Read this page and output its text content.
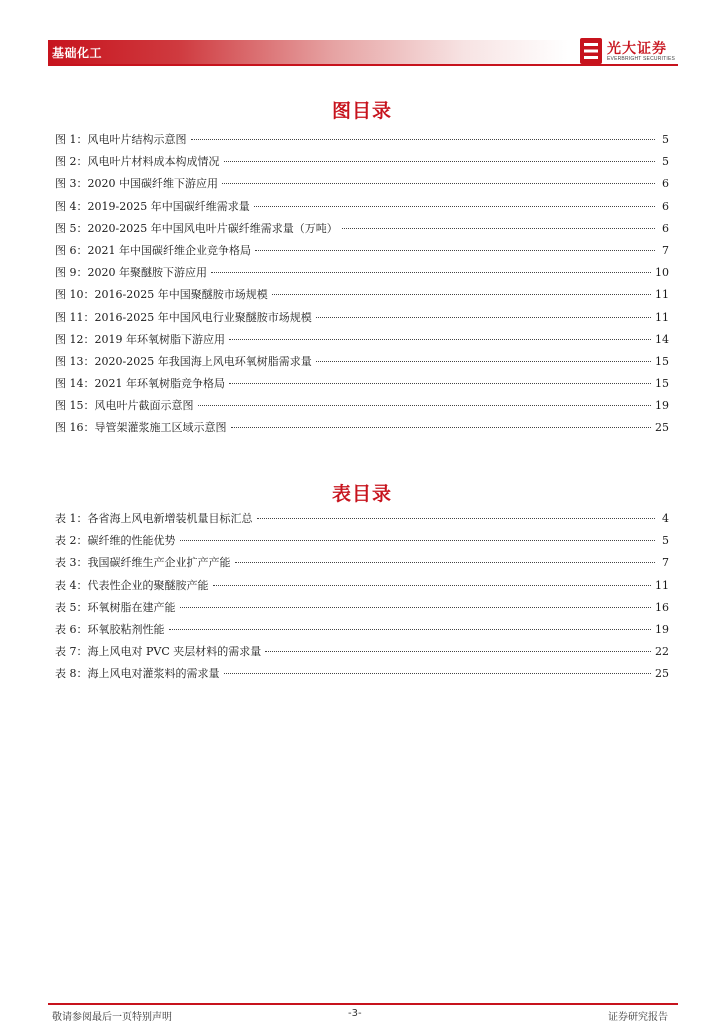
基础化工	光大证券
EVERBRIGHT SECURITIES
图目录
图 1：风电叶片结构示意图	5
图 2：风电叶片材料成本构成情况	5
图 3：2020 中国碳纤维下游应用	6
图 4：2019-2025 年中国碳纤维需求量	6
图 5：2020-2025 年中国风电叶片碳纤维需求量（万吨）	6
图 6：2021 年中国碳纤维企业竞争格局	7
图 9：2020 年聚醚胺下游应用	10
图 10：2016-2025 年中国聚醚胺市场规模	11
图 11：2016-2025 年中国风电行业聚醚胺市场规模	11
图 12：2019 年环氧树脂下游应用	14
图 13：2020-2025 年我国海上风电环氧树脂需求量	15
图 14：2021 年环氧树脂竞争格局	15
图 15：风电叶片截面示意图	19
图 16：导管架灌浆施工区域示意图	25
表目录
表 1：各省海上风电新增装机量目标汇总	4
表 2：碳纤维的性能优势	5
表 3：我国碳纤维生产企业扩产产能	7
表 4：代表性企业的聚醚胺产能	11
表 5：环氧树脂在建产能	16
表 6：环氧胶粘剂性能	19
表 7：海上风电对 PVC 夹层材料的需求量	22
表 8：海上风电对灌浆料的需求量	25
敬请参阅最后一页特别声明	-3-	证券研究报告
